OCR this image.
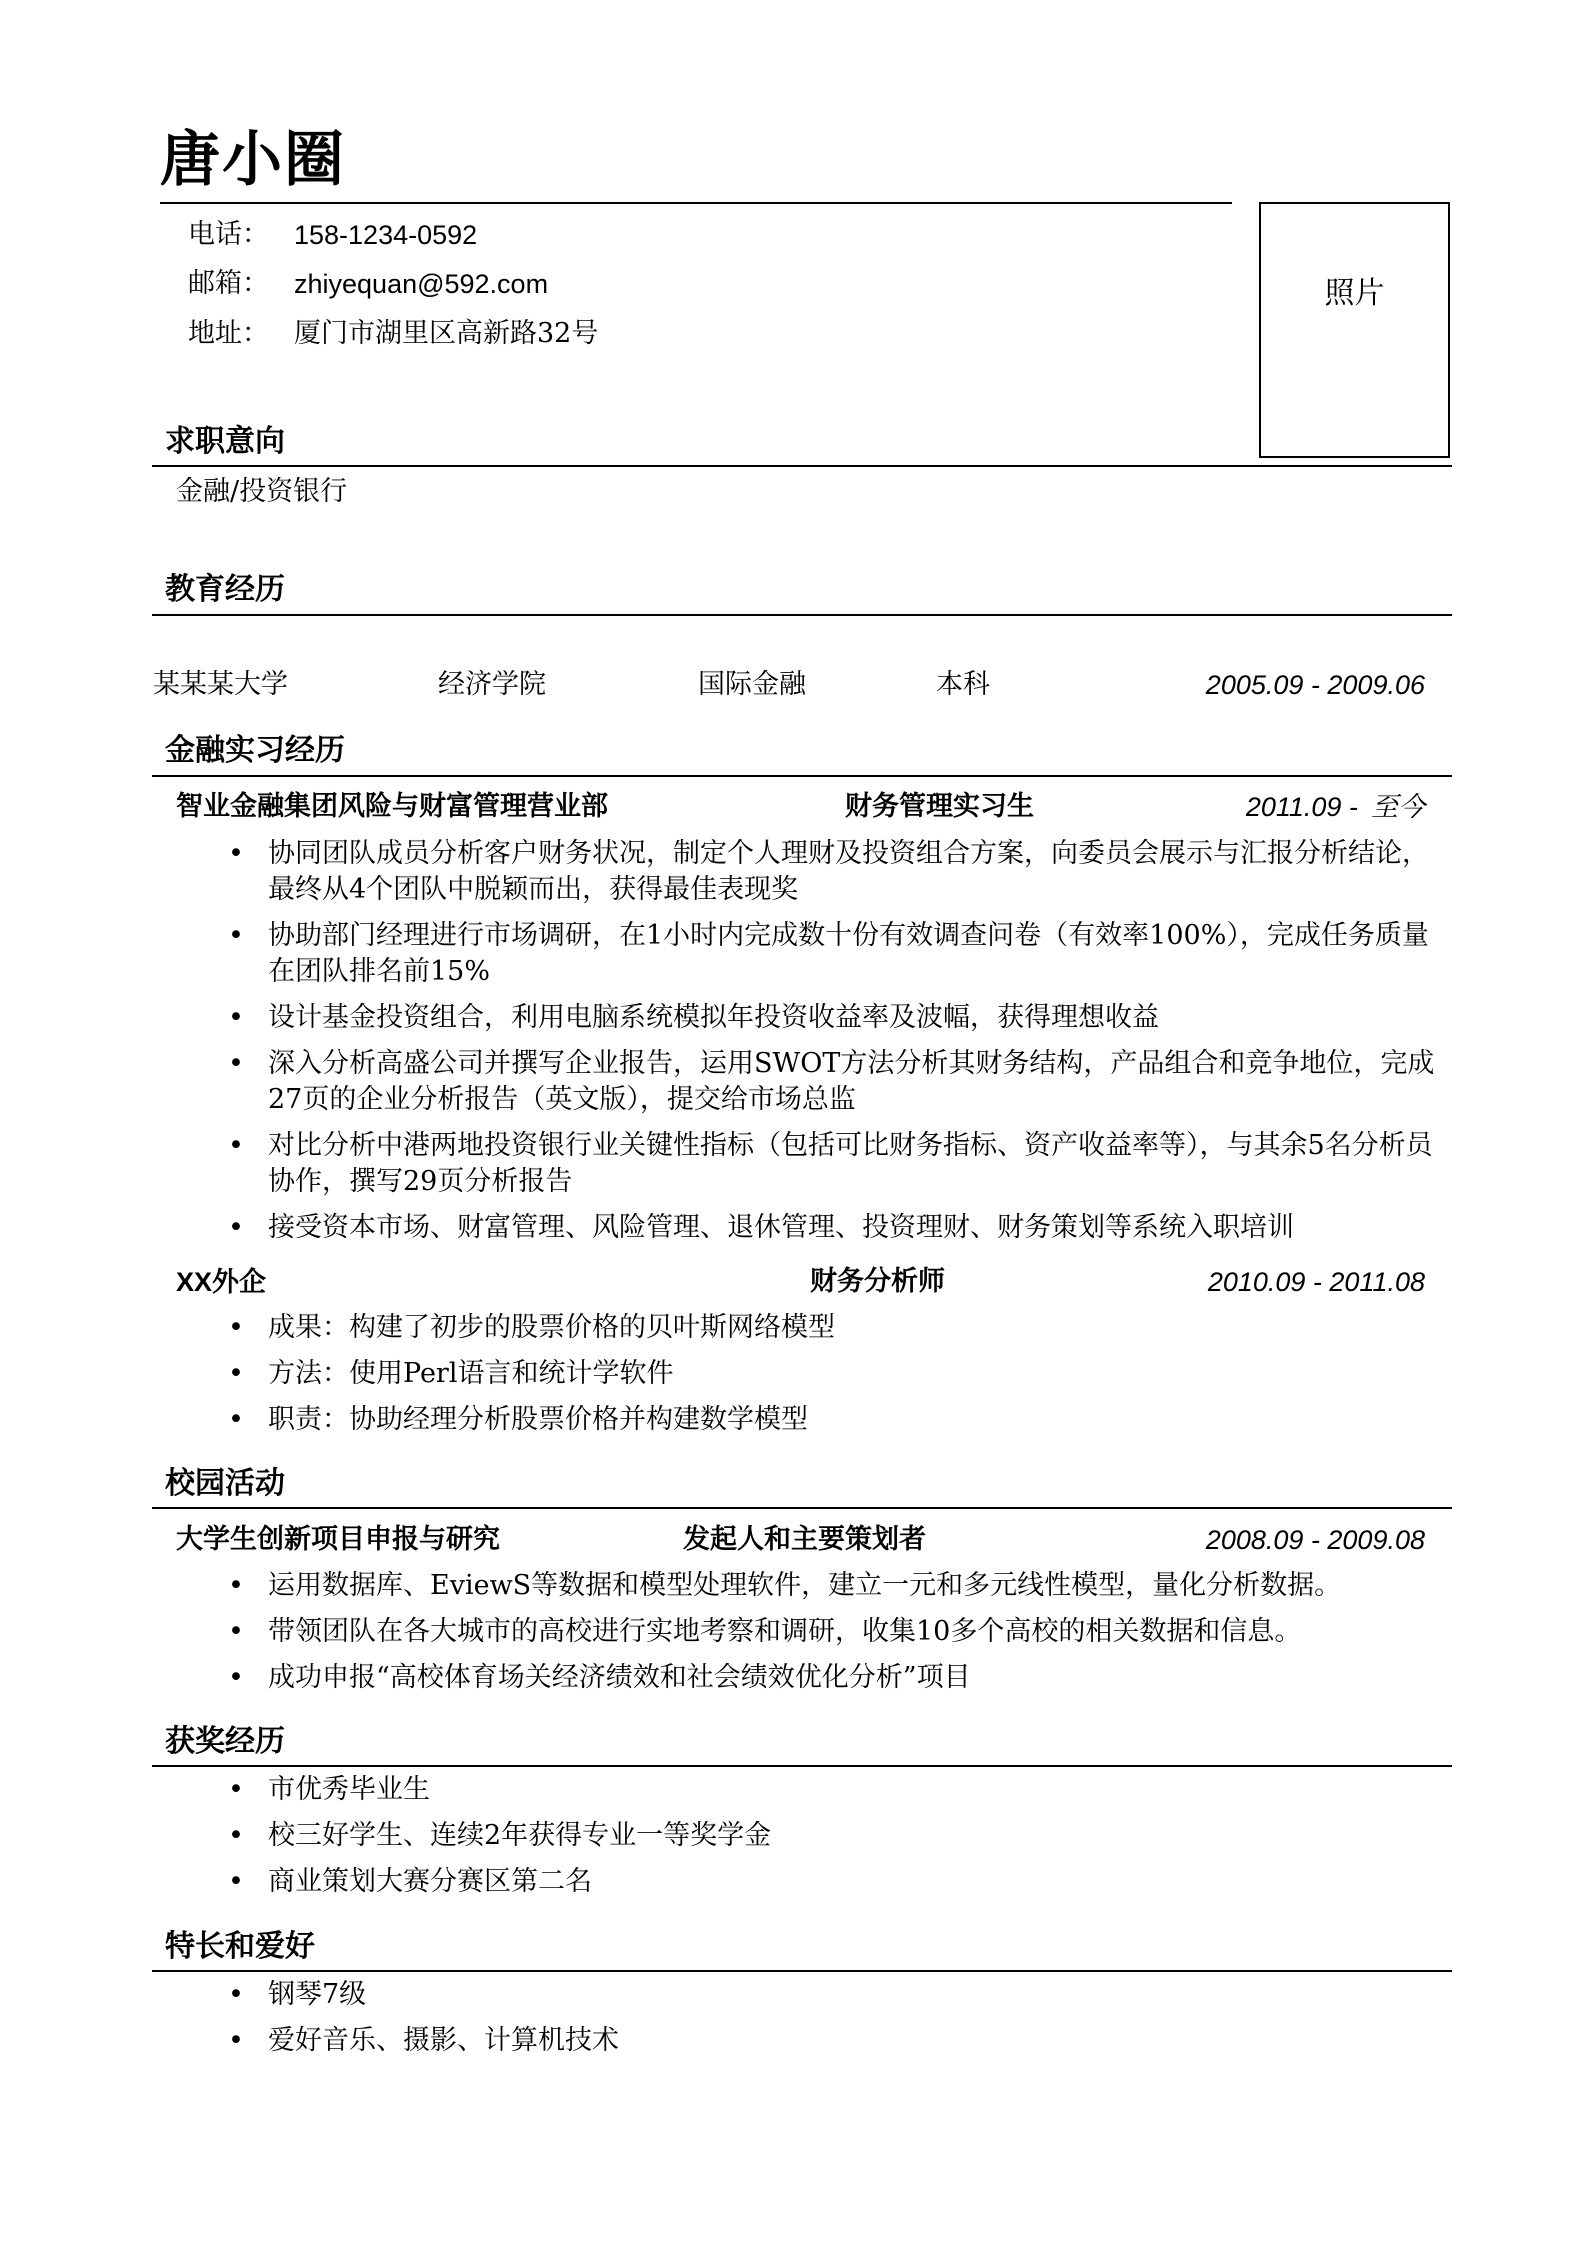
唐小圈
电话： 158-1234-0592
邮箱： zhiyequan@592.com
地址： 厦门市湖里区高新路32号
照片
求职意向
金融/投资银行
教育经历
某某某大学	经济学院	国际金融	本科	2005.09 - 2009.06
金融实习经历
智业金融集团风险与财富管理营业部	财务管理实习生	2011.09 - 至今
• 协同团队成员分析客户财务状况，制定个人理财及投资组合方案，向委员会展示与汇报分析结论，最终从4个团队中脱颖而出，获得最佳表现奖
• 协助部门经理进行市场调研，在1小时内完成数十份有效调查问卷（有效率100%），完成任务质量在团队排名前15%
• 设计基金投资组合，利用电脑系统模拟年投资收益率及波幅，获得理想收益
• 深入分析高盛公司并撰写企业报告，运用SWOT方法分析其财务结构，产品组合和竞争地位，完成27页的企业分析报告（英文版），提交给市场总监
• 对比分析中港两地投资银行业关键性指标（包括可比财务指标、资产收益率等），与其余5名分析员协作，撰写29页分析报告
• 接受资本市场、财富管理、风险管理、退休管理、投资理财、财务策划等系统入职培训
XX外企	财务分析师	2010.09 - 2011.08
• 成果：构建了初步的股票价格的贝叶斯网络模型
• 方法：使用Perl语言和统计学软件
• 职责：协助经理分析股票价格并构建数学模型
校园活动
大学生创新项目申报与研究	发起人和主要策划者	2008.09 - 2009.08
• 运用数据库、EviewS等数据和模型处理软件，建立一元和多元线性模型，量化分析数据。
• 带领团队在各大城市的高校进行实地考察和调研，收集10多个高校的相关数据和信息。
• 成功申报“高校体育场关经济绩效和社会绩效优化分析”项目
获奖经历
• 市优秀毕业生
• 校三好学生、连续2年获得专业一等奖学金
• 商业策划大赛分赛区第二名
特长和爱好
• 钢琴7级
• 爱好音乐、摄影、计算机技术
